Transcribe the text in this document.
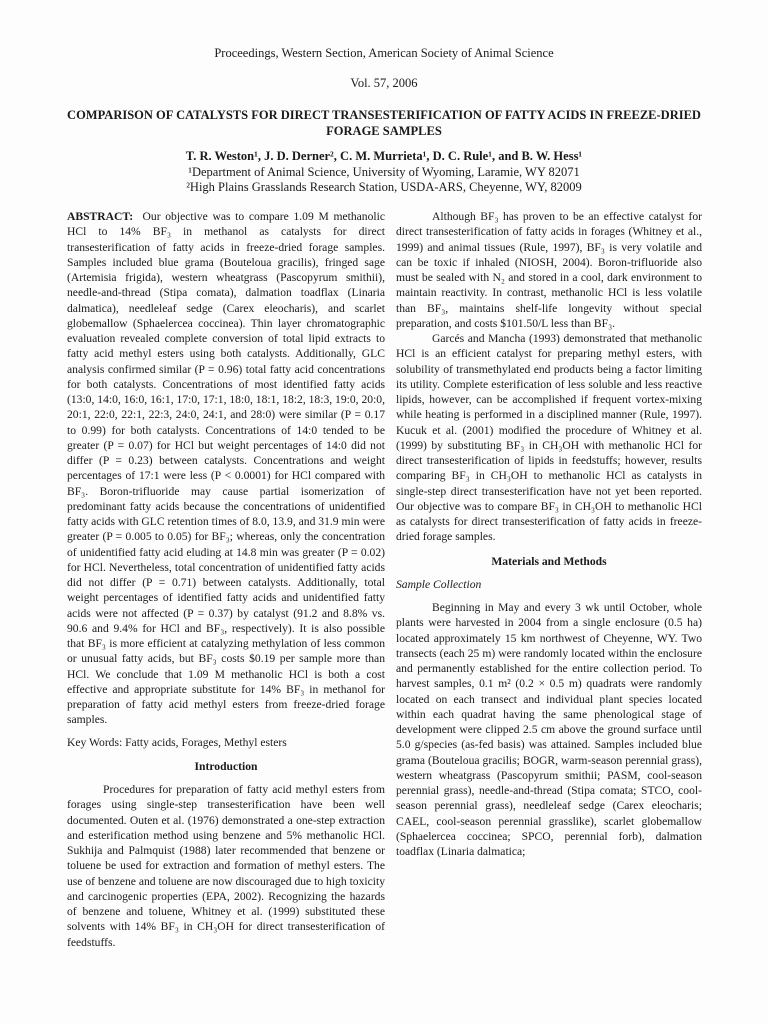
Proceedings, Western Section, American Society of Animal Science
Vol. 57, 2006
COMPARISON OF CATALYSTS FOR DIRECT TRANSESTERIFICATION OF FATTY ACIDS IN FREEZE-DRIED FORAGE SAMPLES
T. R. Weston¹, J. D. Derner², C. M. Murrieta¹, D. C. Rule¹, and B. W. Hess¹
¹Department of Animal Science, University of Wyoming, Laramie, WY 82071
²High Plains Grasslands Research Station, USDA-ARS, Cheyenne, WY, 82009

ABSTRACT: Our objective was to compare 1.09 M methanolic HCl to 14% BF₃ in methanol as catalysts for direct transesterification of fatty acids in freeze-dried forage samples. Samples included blue grama (Bouteloua gracilis), fringed sage (Artemisia frigida), western wheatgrass (Pascopyrum smithii), needle-and-thread (Stipa comata), dalmation toadflax (Linaria dalmatica), needleleaf sedge (Carex eleocharis), and scarlet globemallow (Sphaelercea coccinea). Thin layer chromatographic evaluation revealed complete conversion of total lipid extracts to fatty acid methyl esters using both catalysts. Additionally, GLC analysis confirmed similar (P = 0.96) total fatty acid concentrations for both catalysts. Concentrations of most identified fatty acids (13:0, 14:0, 16:0, 16:1, 17:0, 17:1, 18:0, 18:1, 18:2, 18:3, 19:0, 20:0, 20:1, 22:0, 22:1, 22:3, 24:0, 24:1, and 28:0) were similar (P = 0.17 to 0.99) for both catalysts. Concentrations of 14:0 tended to be greater (P = 0.07) for HCl but weight percentages of 14:0 did not differ (P = 0.23) between catalysts. Concentrations and weight percentages of 17:1 were less (P < 0.0001) for HCl compared with BF₃. Boron-trifluoride may cause partial isomerization of predominant fatty acids because the concentrations of unidentified fatty acids with GLC retention times of 8.0, 13.9, and 31.9 min were greater (P = 0.005 to 0.05) for BF₃; whereas, only the concentration of unidentified fatty acid eluding at 14.8 min was greater (P = 0.02) for HCl. Nevertheless, total concentration of unidentified fatty acids did not differ (P = 0.71) between catalysts. Additionally, total weight percentages of identified fatty acids and unidentified fatty acids were not affected (P = 0.37) by catalyst (91.2 and 8.8% vs. 90.6 and 9.4% for HCl and BF₃, respectively). It is also possible that BF₃ is more efficient at catalyzing methylation of less common or unusual fatty acids, but BF₃ costs $0.19 per sample more than HCl. We conclude that 1.09 M methanolic HCl is both a cost effective and appropriate substitute for 14% BF₃ in methanol for preparation of fatty acid methyl esters from freeze-dried forage samples.

Key Words: Fatty acids, Forages, Methyl esters

Introduction

Procedures for preparation of fatty acid methyl esters from forages using single-step transesterification have been well documented. Outen et al. (1976) demonstrated a one-step extraction and esterification method using benzene and 5% methanolic HCl. Sukhija and Palmquist (1988) later recommended that benzene or toluene be used for extraction and formation of methyl esters. The use of benzene and toluene are now discouraged due to high toxicity and carcinogenic properties (EPA, 2002). Recognizing the hazards of benzene and toluene, Whitney et al. (1999) substituted these solvents with 14% BF₃ in CH₃OH for direct transesterification of feedstuffs.

Although BF₃ has proven to be an effective catalyst for direct transesterification of fatty acids in forages (Whitney et al., 1999) and animal tissues (Rule, 1997), BF₃ is very volatile and can be toxic if inhaled (NIOSH, 2004). Boron-trifluoride also must be sealed with N₂ and stored in a cool, dark environment to maintain reactivity. In contrast, methanolic HCl is less volatile than BF₃, maintains shelf-life longevity without special preparation, and costs $101.50/L less than BF₃.

Garcés and Mancha (1993) demonstrated that methanolic HCl is an efficient catalyst for preparing methyl esters, with solubility of transmethylated end products being a factor limiting its utility. Complete esterification of less soluble and less reactive lipids, however, can be accomplished if frequent vortex-mixing while heating is performed in a disciplined manner (Rule, 1997). Kucuk et al. (2001) modified the procedure of Whitney et al. (1999) by substituting BF₃ in CH₃OH with methanolic HCl for direct transesterification of lipids in feedstuffs; however, results comparing BF₃ in CH₃OH to methanolic HCl as catalysts in single-step direct transesterification have not yet been reported. Our objective was to compare BF₃ in CH₃OH to methanolic HCl as catalysts for direct transesterification of fatty acids in freeze-dried forage samples.

Materials and Methods

Sample Collection

Beginning in May and every 3 wk until October, whole plants were harvested in 2004 from a single enclosure (0.5 ha) located approximately 15 km northwest of Cheyenne, WY. Two transects (each 25 m) were randomly located within the enclosure and permanently established for the entire collection period. To harvest samples, 0.1 m² (0.2 × 0.5 m) quadrats were randomly located on each transect and individual plant species located within each quadrat having the same phenological stage of development were clipped 2.5 cm above the ground surface until 5.0 g/species (as-fed basis) was attained. Samples included blue grama (Bouteloua gracilis; BOGR, warm-season perennial grass), western wheatgrass (Pascopyrum smithii; PASM, cool-season perennial grass), needle-and-thread (Stipa comata; STCO, cool-season perennial grass), needleleaf sedge (Carex eleocharis; CAEL, cool-season perennial grasslike), scarlet globemallow (Sphaelercea coccinea; SPCO, perennial forb), dalmation toadflax (Linaria dalmatica;
